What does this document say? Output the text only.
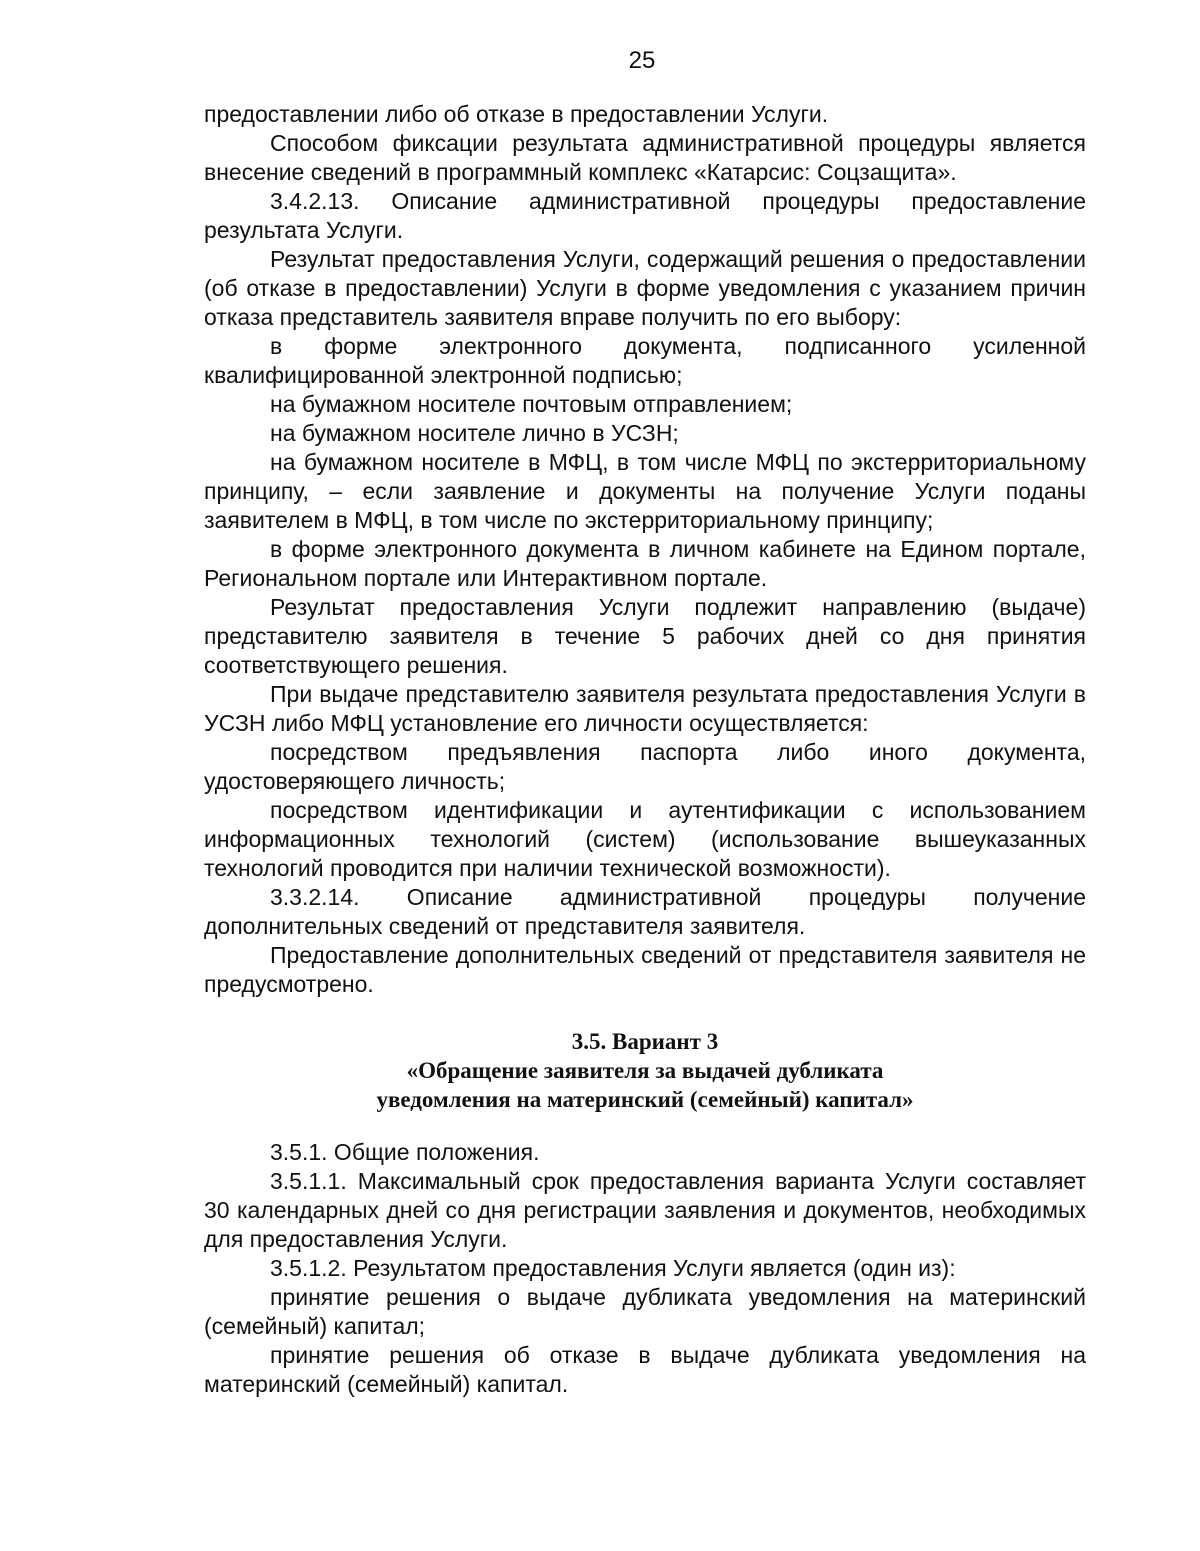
25

предоставлении либо об отказе в предоставлении Услуги.

Способом фиксации результата административной процедуры является внесение сведений в программный комплекс «Катарсис: Соцзащита».

3.4.2.13. Описание административной процедуры предоставление результата Услуги.

Результат предоставления Услуги, содержащий решения о предоставлении (об отказе в предоставлении) Услуги в форме уведомления с указанием причин отказа представитель заявителя вправе получить по его выбору:

в форме электронного документа, подписанного усиленной квалифицированной электронной подписью;

на бумажном носителе почтовым отправлением;

на бумажном носителе лично в УСЗН;

на бумажном носителе в МФЦ, в том числе МФЦ по экстерриториальному принципу, – если заявление и документы на получение Услуги поданы заявителем в МФЦ, в том числе по экстерриториальному принципу;

в форме электронного документа в личном кабинете на Едином портале, Региональном портале или Интерактивном портале.

Результат предоставления Услуги подлежит направлению (выдаче) представителю заявителя в течение 5 рабочих дней со дня принятия соответствующего решения.

При выдаче представителю заявителя результата предоставления Услуги в УСЗН либо МФЦ установление его личности осуществляется:

посредством предъявления паспорта либо иного документа, удостоверяющего личность;

посредством идентификации и аутентификации с использованием информационных технологий (систем) (использование вышеуказанных технологий проводится при наличии технической возможности).

3.3.2.14. Описание административной процедуры получение дополнительных сведений от представителя заявителя.

Предоставление дополнительных сведений от представителя заявителя не предусмотрено.

3.5. Вариант 3
«Обращение заявителя за выдачей дубликата
уведомления на материнский (семейный) капитал»

3.5.1. Общие положения.

3.5.1.1. Максимальный срок предоставления варианта Услуги составляет 30 календарных дней со дня регистрации заявления и документов, необходимых для предоставления Услуги.

3.5.1.2. Результатом предоставления Услуги является (один из):

принятие решения о выдаче дубликата уведомления на материнский (семейный) капитал;

принятие решения об отказе в выдаче дубликата уведомления на материнский (семейный) капитал.
